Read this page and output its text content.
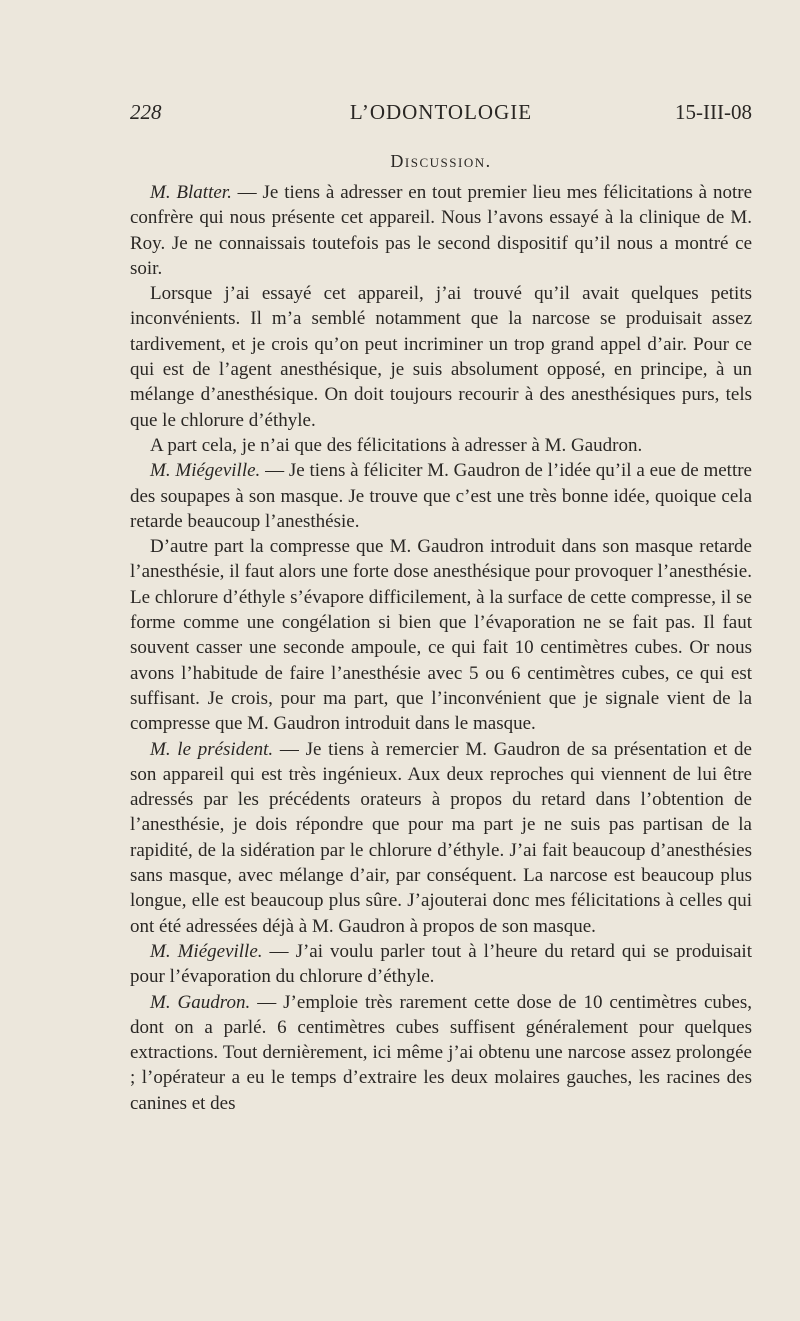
228	L’ODONTOLOGIE	15-III-08
Discussion.

M. Blatter. — Je tiens à adresser en tout premier lieu mes félicitations à notre confrère qui nous présente cet appareil. Nous l’avons essayé à la clinique de M. Roy. Je ne connaissais toutefois pas le second dispositif qu’il nous a montré ce soir.

Lorsque j’ai essayé cet appareil, j’ai trouvé qu’il avait quelques petits inconvénients. Il m’a semblé notamment que la narcose se produisait assez tardivement, et je crois qu’on peut incriminer un trop grand appel d’air. Pour ce qui est de l’agent anesthésique, je suis absolument opposé, en principe, à un mélange d’anesthésique. On doit toujours recourir à des anesthésiques purs, tels que le chlorure d’éthyle.

A part cela, je n’ai que des félicitations à adresser à M. Gaudron.

M. Miégeville. — Je tiens à féliciter M. Gaudron de l’idée qu’il a eue de mettre des soupapes à son masque. Je trouve que c’est une très bonne idée, quoique cela retarde beaucoup l’anesthésie.

D’autre part la compresse que M. Gaudron introduit dans son masque retarde l’anesthésie, il faut alors une forte dose anesthésique pour provoquer l’anesthésie. Le chlorure d’éthyle s’évapore difficilement, à la surface de cette compresse, il se forme comme une congélation si bien que l’évaporation ne se fait pas. Il faut souvent casser une seconde ampoule, ce qui fait 10 centimètres cubes. Or nous avons l’habitude de faire l’anesthésie avec 5 ou 6 centimètres cubes, ce qui est suffisant. Je crois, pour ma part, que l’inconvénient que je signale vient de la compresse que M. Gaudron introduit dans le masque.

M. le président. — Je tiens à remercier M. Gaudron de sa présentation et de son appareil qui est très ingénieux. Aux deux reproches qui viennent de lui être adressés par les précédents orateurs à propos du retard dans l’obtention de l’anesthésie, je dois répondre que pour ma part je ne suis pas partisan de la rapidité, de la sidération par le chlorure d’éthyle. J’ai fait beaucoup d’anesthésies sans masque, avec mélange d’air, par conséquent. La narcose est beaucoup plus longue, elle est beaucoup plus sûre. J’ajouterai donc mes félicitations à celles qui ont été adressées déjà à M. Gaudron à propos de son masque.

M. Miégeville. — J’ai voulu parler tout à l’heure du retard qui se produisait pour l’évaporation du chlorure d’éthyle.

M. Gaudron. — J’emploie très rarement cette dose de 10 centimètres cubes, dont on a parlé. 6 centimètres cubes suffisent généralement pour quelques extractions. Tout dernièrement, ici même j’ai obtenu une narcose assez prolongée ; l’opérateur a eu le temps d’extraire les deux molaires gauches, les racines des canines et des
